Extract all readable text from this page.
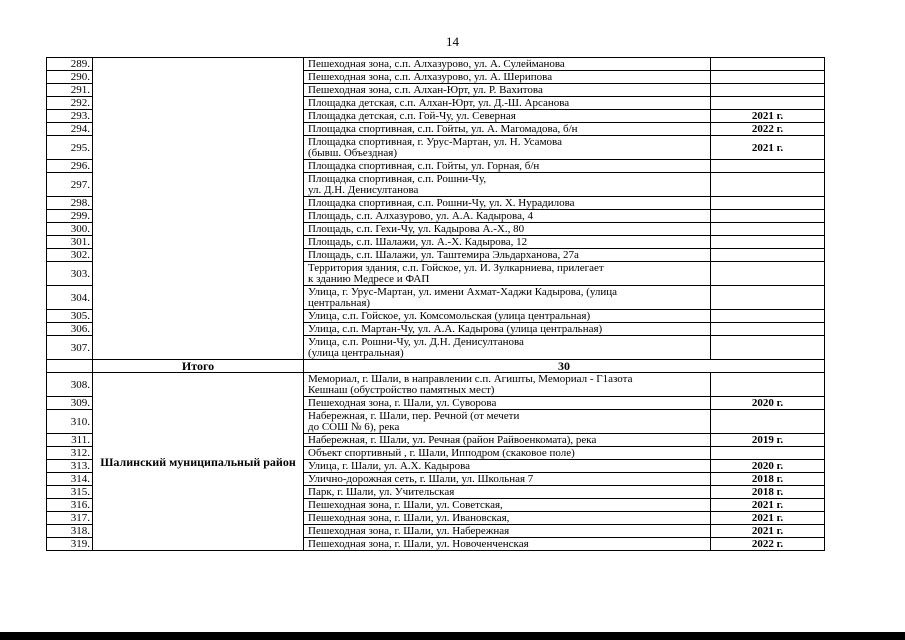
14
289.		Пешеходная зона, с.п. Алхазурово, ул. А. Сулейманова	

290.		Пешеходная зона, с.п. Алхазурово, ул. А. Шерипова	

291.		Пешеходная зона, с.п. Алхан-Юрт, ул. Р. Вахитова	

292.		Площадка детская, с.п. Алхан-Юрт, ул. Д.-Ш. Арсанова	

293.		Площадка детская, с.п. Гой-Чу, ул. Северная	2021 г.
294.		Площадка спортивная, с.п. Гойты, ул. А. Магомадова, б/н	2022 г.
295.		Площадка спортивная, г. Урус-Мартан, ул. Н. Усамова
(бывш. Объездная)	2021 г.
296.		Площадка спортивная, с.п. Гойты, ул. Горная, б/н	

297.		Площадка спортивная, с.п. Рошни-Чу,
ул. Д.Н. Денисултанова	

298.		Площадка спортивная, с.п. Рошни-Чу, ул. Х. Нурадилова	

299.		Площадь, с.п. Алхазурово, ул. А.А. Кадырова, 4	

300.		Площадь, с.п. Гехи-Чу, ул. Кадырова А.-Х., 80	

301.		Площадь, с.п. Шалажи, ул. А.-Х. Кадырова, 12	

302.		Площадь, с.п. Шалажи, ул. Таштемира Эльдарханова, 27а	

303.		Территория здания, с.п. Гойское, ул. И. Зулкарниева, прилегает
к зданию Медресе и ФАП	

304.		Улица, г. Урус-Мартан, ул. имени Ахмат-Хаджи Кадырова, (улица
центральная)	

305.		Улица, с.п. Гойское, ул. Комсомольская (улица центральная)	

306.		Улица, с.п. Мартан-Чу, ул. А.А. Кадырова (улица центральная)	

307.		Улица, с.п. Рошни-Чу, ул. Д.Н. Денисултанова
(улица центральная)	

	Итого	30	
308.	Шалинский муниципальный район	Мемориал, г. Шали, в направлении с.п. Агишты, Мемориал - Г1азота
Кешнаш (обустройство памятных мест)	

309.		Пешеходная зона, г. Шали, ул. Суворова	2020 г.
310.		Набережная, г. Шали, пер. Речной (от мечети
до СОШ № 6), река	

311.		Набережная, г. Шали, ул. Речная (район Райвоенкомата), река	2019 г.
312.		Объект спортивный , г. Шали, Ипподром (скаковое поле)	

313.		Улица, г. Шали, ул. А.Х. Кадырова	2020 г.
314.		Улично-дорожная сеть, г. Шали, ул. Школьная 7	2018 г.
315.		Парк, г. Шали, ул. Учительская	2018 г.
316.		Пешеходная зона, г. Шали, ул. Советская,	2021 г.
317.		Пешеходная зона, г. Шали, ул. Ивановская,	2021 г.
318.		Пешеходная зона, г. Шали, ул. Набережная	2021 г.
319.		Пешеходная зона, г. Шали, ул. Новоченченская	2022 г.
